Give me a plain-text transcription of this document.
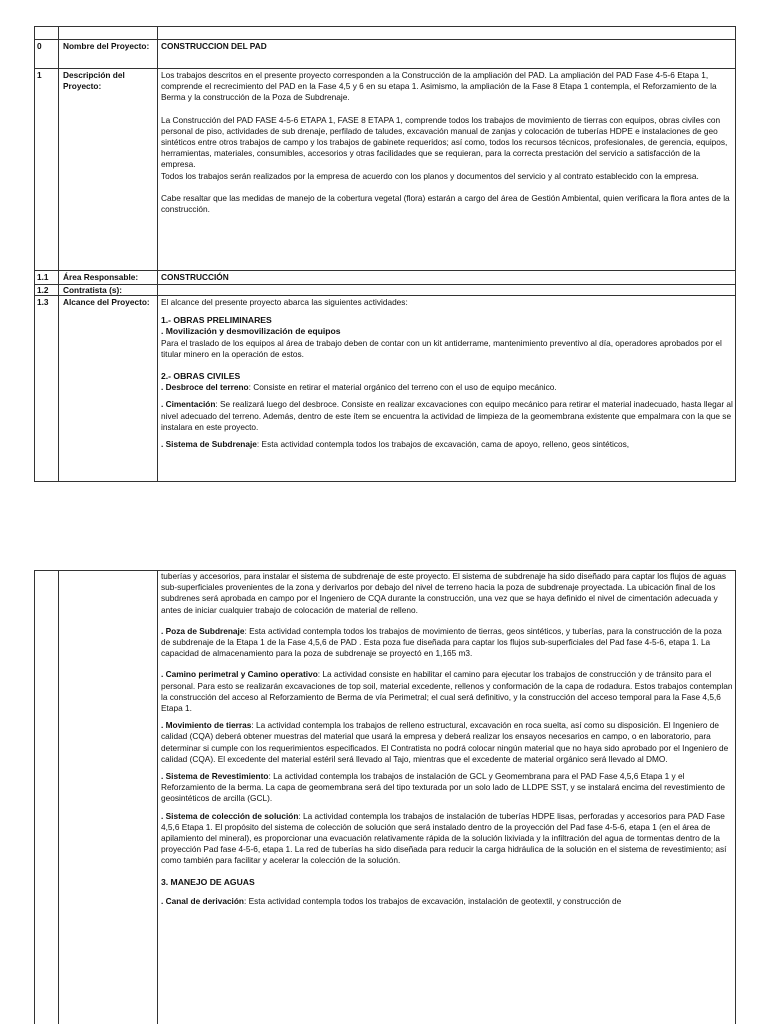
0	Nombre del Proyecto:	CONSTRUCCION DEL PAD
1	Descripción del Proyecto:

Los trabajos descritos en el presente proyecto corresponden a la Construcción de la ampliación del PAD. La ampliación del PAD Fase 4-5-6 Etapa 1, comprende el recrecimiento del PAD en la Fase 4,5 y 6 en su etapa 1. Asimismo, la ampliación de la Fase 8 Etapa 1 contempla, el Reforzamiento de la Berma y la construcción de la Poza de Subdrenaje.

La Construcción del PAD FASE 4-5-6 ETAPA 1, FASE 8 ETAPA 1, comprende todos los trabajos de movimiento de tierras con equipos, obras civiles con personal de piso, actividades de sub drenaje, perfilado de taludes, excavación manual de zanjas y colocación de tuberías HDPE e instalaciones de geo sintéticos entre otros trabajos de campo y los trabajos de gabinete requeridos; así como, todos los recursos técnicos, profesionales, de gerencia, equipos, herramientas, materiales, consumibles, accesorios y otras facilidades que se requieran, para la correcta prestación del servicio a satisfacción de la empresa.

Todos los trabajos serán realizados por la empresa de acuerdo con los planos y documentos del servicio y al contrato establecido con la empresa.

Cabe resaltar que las medidas de manejo de la cobertura vegetal (flora) estarán a cargo del área de Gestión Ambiental, quien verificara la flora antes de la construcción.

1.1	Área Responsable:	CONSTRUCCIÓN
1.2	Contratista (s):
1.3	Alcance del Proyecto:	El alcance del presente proyecto abarca las siguientes actividades:

1.- OBRAS PRELIMINARES

. Movilización y desmovilización de equipos

Para el traslado de los equipos al área de trabajo deben de contar con un kit antiderrame, mantenimiento preventivo al día, operadores aprobados por el titular minero en la operación de estos.

2.- OBRAS CIVILES

. Desbroce del terreno: Consiste en retirar el material orgánico del terreno con el uso de equipo mecánico.

. Cimentación: Se realizará luego del desbroce. Consiste en realizar excavaciones con equipo mecánico para retirar el material inadecuado, hasta llegar al nivel adecuado del terreno. Además, dentro de este ítem se encuentra la actividad de limpieza de la geomembrana existente que empalmara con la que se instalara en este proyecto.

. Sistema de Subdrenaje: Esta actividad contempla todos los trabajos de excavación, cama de apoyo, relleno, geos sintéticos,

tuberías y accesorios, para instalar el sistema de subdrenaje de este proyecto. El sistema de subdrenaje ha sido diseñado para captar los flujos de aguas sub-superficiales provenientes de la zona y derivarlos por debajo del nivel de terreno hacia la poza de subdrenaje proyectada. La ubicación final de los subdrenes será aprobada en campo por el Ingeniero de CQA durante la construcción, una vez que se haya definido el nivel de cimentación adecuada y antes de iniciar cualquier trabajo de colocación de material de relleno.

. Poza de Subdrenaje: Esta actividad contempla todos los trabajos de movimiento de tierras, geos sintéticos, y tuberías, para la construcción de la poza de subdrenaje de la Etapa 1 de la Fase 4,5,6 de PAD . Esta poza fue diseñada para captar los flujos sub-superficiales del Pad fase 4-5-6, etapa 1. La capacidad de almacenamiento para la poza de subdrenaje se proyectó en 1,165 m3.

. Camino perimetral y Camino operativo: La actividad consiste en habilitar el camino para ejecutar los trabajos de construcción y de tránsito para el personal. Para esto se realizarán excavaciones de top soil, material excedente, rellenos y conformación de la capa de rodadura. Estos trabajos contemplan la construcción del acceso al Reforzamiento de Berma de vía Perimetral; el cual será definitivo, y la construcción del acceso temporal para la Fase 4,5,6 Etapa 1.

. Movimiento de tierras: La actividad contempla los trabajos de relleno estructural, excavación en roca suelta, así como su disposición. El Ingeniero de calidad (CQA) deberá obtener muestras del material que usará la empresa y deberá realizar los ensayos necesarios en campo, o en laboratorio, para determinar si cumple con los requerimientos especificados. El Contratista no podrá colocar ningún material que no haya sido aprobado por el Ingeniero de calidad (CQA). El excedente del material estéril será llevado al Tajo, mientras que el excedente de material orgánico será llevado al DMO.

. Sistema de Revestimiento: La actividad contempla los trabajos de instalación de GCL y Geomembrana para el PAD Fase 4,5,6 Etapa 1 y el Reforzamiento de la berma. La capa de geomembrana será del tipo texturada por un solo lado de LLDPE SST, y se instalará encima del revestimiento de geosintéticos de arcilla (GCL).

. Sistema de colección de solución: La actividad contempla los trabajos de instalación de tuberías HDPE lisas, perforadas y accesorios para PAD Fase 4,5,6 Etapa 1. El propósito del sistema de colección de solución que será instalado dentro de la proyección del Pad fase 4-5-6, etapa 1 (en el área de apilamiento del mineral), es proporcionar una evacuación relativamente rápida de la solución lixiviada y la infiltración del agua de tormentas dentro de la proyección Pad fase 4-5-6, etapa 1. La red de tuberías ha sido diseñada para reducir la carga hidráulica de la solución en el sistema de revestimiento; así como también para facilitar y acelerar la colección de la solución.

3. MANEJO DE AGUAS

. Canal de derivación: Esta actividad contempla todos los trabajos de excavación, instalación de geotextil, y construcción de
